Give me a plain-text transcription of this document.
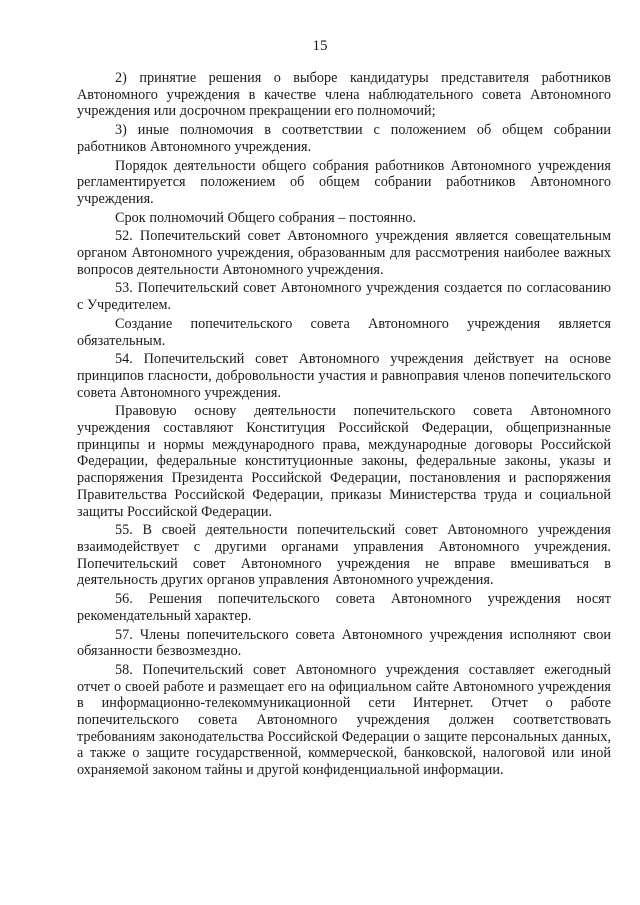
15

2) принятие решения о выборе кандидатуры представителя работников Автономного учреждения в качестве члена наблюдательного совета Автономного учреждения или досрочном прекращении его полномочий;

3) иные полномочия в соответствии с положением об общем собрании работников Автономного учреждения.

Порядок деятельности общего собрания работников Автономного учреждения регламентируется положением об общем собрании работников Автономного учреждения.

Срок полномочий Общего собрания – постоянно.

52. Попечительский совет Автономного учреждения является совещательным органом Автономного учреждения, образованным для рассмотрения наиболее важных вопросов деятельности Автономного учреждения.

53. Попечительский совет Автономного учреждения создается по согласованию с Учредителем.

Создание попечительского совета Автономного учреждения является обязательным.

54. Попечительский совет Автономного учреждения действует на основе принципов гласности, добровольности участия и равноправия членов попечительского совета Автономного учреждения.

Правовую основу деятельности попечительского совета Автономного учреждения составляют Конституция Российской Федерации, общепризнанные принципы и нормы международного права, международные договоры Российской Федерации, федеральные конституционные законы, федеральные законы, указы и распоряжения Президента Российской Федерации, постановления и распоряжения Правительства Российской Федерации, приказы Министерства труда и социальной защиты Российской Федерации.

55. В своей деятельности попечительский совет Автономного учреждения взаимодействует с другими органами управления Автономного учреждения. Попечительский совет Автономного учреждения не вправе вмешиваться в деятельность других органов управления Автономного учреждения.

56. Решения попечительского совета Автономного учреждения носят рекомендательный характер.

57. Члены попечительского совета Автономного учреждения исполняют свои обязанности безвозмездно.

58. Попечительский совет Автономного учреждения составляет ежегодный отчет о своей работе и размещает его на официальном сайте Автономного учреждения в информационно-телекоммуникационной сети Интернет. Отчет о работе попечительского совета Автономного учреждения должен соответствовать требованиям законодательства Российской Федерации о защите персональных данных, а также о защите государственной, коммерческой, банковской, налоговой или иной охраняемой законом тайны и другой конфиденциальной информации.
